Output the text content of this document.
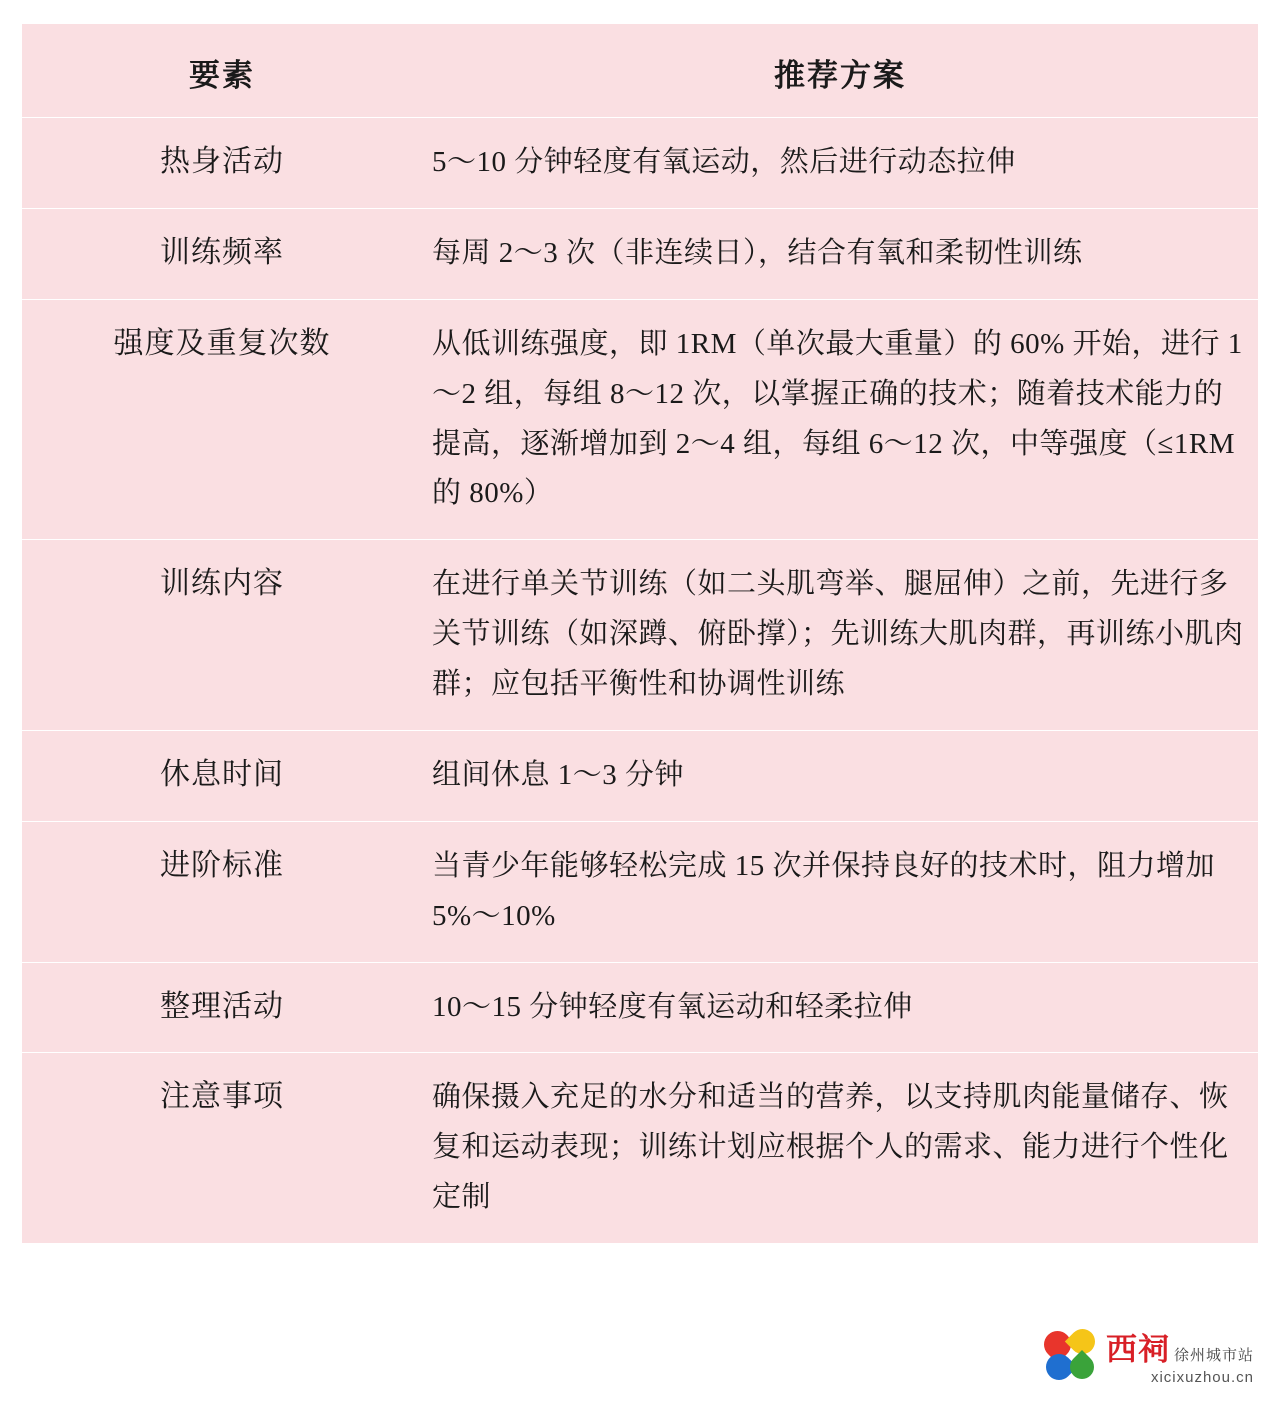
要素	推荐方案
热身活动	5～10 分钟轻度有氧运动，然后进行动态拉伸
训练频率	每周 2～3 次（非连续日），结合有氧和柔韧性训练
强度及重复次数	从低训练强度，即 1RM（单次最大重量）的 60% 开始，进行 1～2 组，每组 8～12 次，以掌握正确的技术；随着技术能力的提高，逐渐增加到 2～4 组，每组 6～12 次，中等强度（≤1RM 的 80%）
训练内容	在进行单关节训练（如二头肌弯举、腿屈伸）之前，先进行多关节训练（如深蹲、俯卧撑）；先训练大肌肉群，再训练小肌肉群；应包括平衡性和协调性训练
休息时间	组间休息 1～3 分钟
进阶标准	当青少年能够轻松完成 15 次并保持良好的技术时，阻力增加 5%～10%
整理活动	10～15 分钟轻度有氧运动和轻柔拉伸
注意事项	确保摄入充足的水分和适当的营养，以支持肌肉能量储存、恢复和运动表现；训练计划应根据个人的需求、能力进行个性化定制
西祠 徐州城市站
xicixuzhou.cn
